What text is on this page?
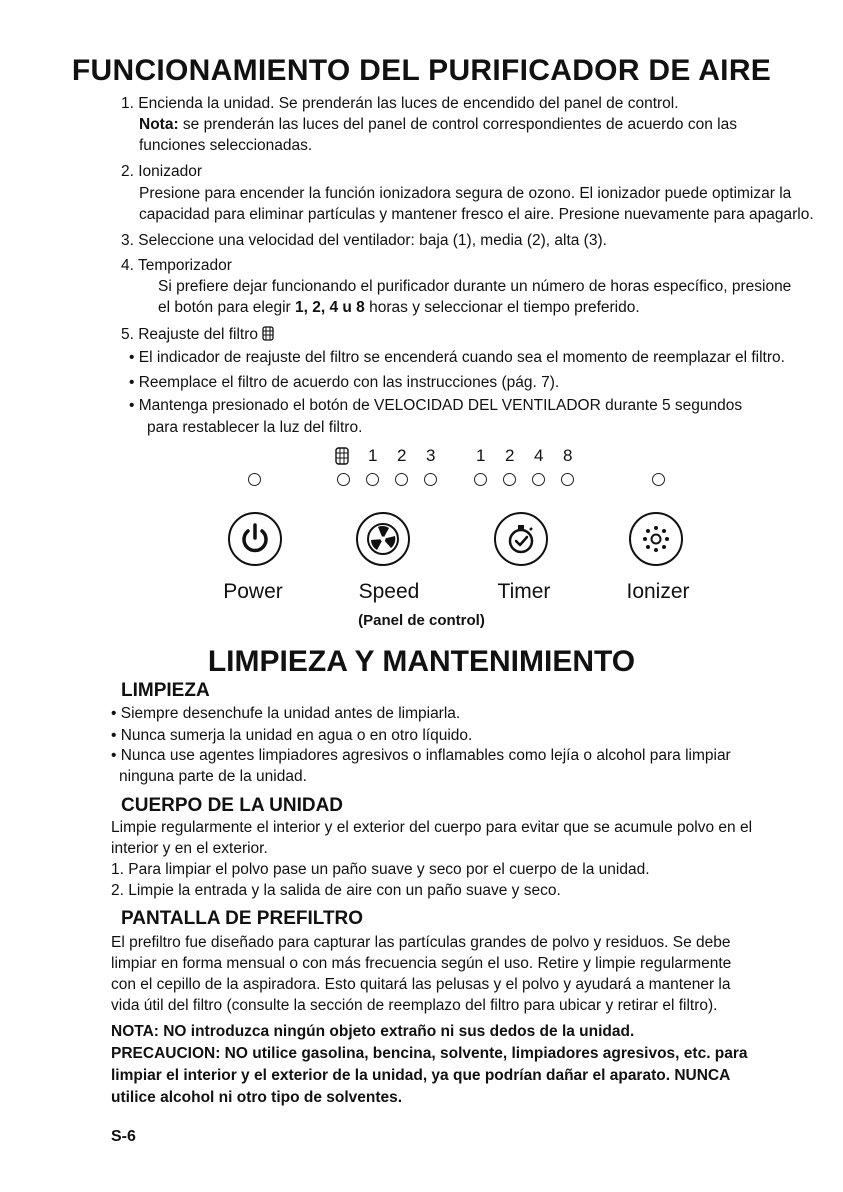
FUNCIONAMIENTO DEL PURIFICADOR DE AIRE
1. Encienda la unidad. Se prenderán las luces de encendido del panel de control.
Nota: se prenderán las luces del panel de control correspondientes de acuerdo con las
funciones seleccionadas.
2. Ionizador
Presione para encender la función ionizadora segura de ozono. El ionizador puede optimizar la
capacidad para eliminar partículas y mantener fresco el aire. Presione nuevamente para apagarlo.
3. Seleccione una velocidad del ventilador: baja (1), media (2), alta (3).
4. Temporizador
Si prefiere dejar funcionando el purificador durante un número de horas específico, presione
el botón para elegir 1, 2, 4 u 8 horas y seleccionar el tiempo preferido.
5. Reajuste del filtro
• El indicador de reajuste del filtro se encenderá cuando sea el momento de reemplazar el filtro.
• Reemplace el filtro de acuerdo con las instrucciones (pág. 7).
• Mantenga presionado el botón de VELOCIDAD DEL VENTILADOR durante 5 segundos
para restablecer la luz del filtro.
1 2 3 1 2 4 8
Power	Speed	Timer	Ionizer
(Panel de control)
LIMPIEZA Y MANTENIMIENTO
LIMPIEZA
• Siempre desenchufe la unidad antes de limpiarla.
• Nunca sumerja la unidad en agua o en otro líquido.
• Nunca use agentes limpiadores agresivos o inflamables como lejía o alcohol para limpiar
ninguna parte de la unidad.
CUERPO DE LA UNIDAD
Limpie regularmente el interior y el exterior del cuerpo para evitar que se acumule polvo en el
interior y en el exterior.
1. Para limpiar el polvo pase un paño suave y seco por el cuerpo de la unidad.
2. Limpie la entrada y la salida de aire con un paño suave y seco.
PANTALLA DE PREFILTRO
El prefiltro fue diseñado para capturar las partículas grandes de polvo y residuos. Se debe
limpiar en forma mensual o con más frecuencia según el uso. Retire y limpie regularmente
con el cepillo de la aspiradora. Esto quitará las pelusas y el polvo y ayudará a mantener la
vida útil del filtro (consulte la sección de reemplazo del filtro para ubicar y retirar el filtro).
NOTA: NO introduzca ningún objeto extraño ni sus dedos de la unidad.
PRECAUCION: NO utilice gasolina, bencina, solvente, limpiadores agresivos, etc. para
limpiar el interior y el exterior de la unidad, ya que podrían dañar el aparato. NUNCA
utilice alcohol ni otro tipo de solventes.
S-6
